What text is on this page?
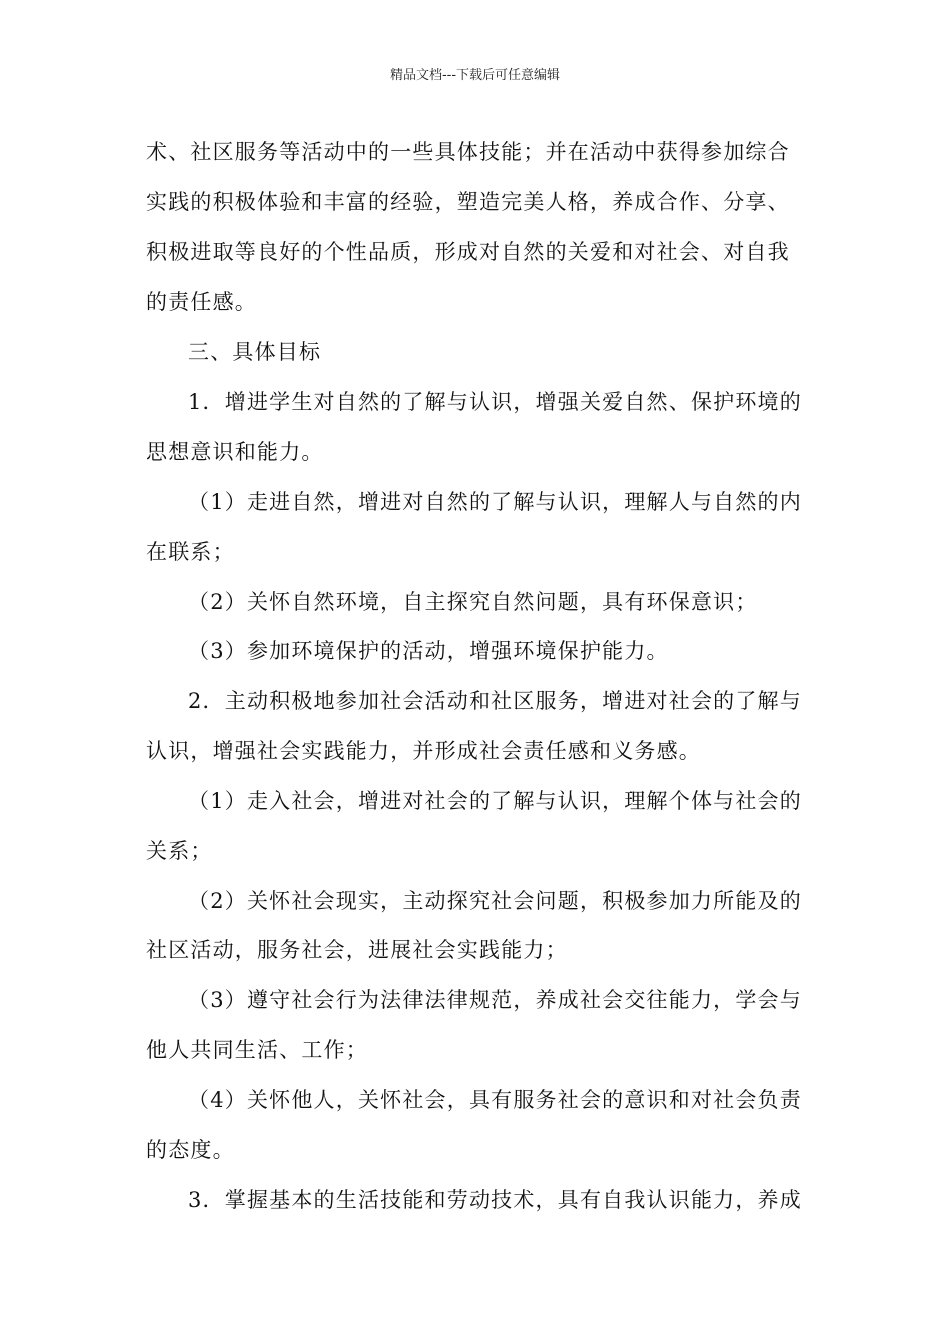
精品文档---下载后可任意编辑
术、社区服务等活动中的一些具体技能；并在活动中获得参加综合
实践的积极体验和丰富的经验，塑造完美人格，养成合作、分享、
积极进取等良好的个性品质，形成对自然的关爱和对社会、对自我
的责任感。
三、具体目标
1．增进学生对自然的了解与认识，增强关爱自然、保护环境的
思想意识和能力。
（1）走进自然，增进对自然的了解与认识，理解人与自然的内
在联系；
（2）关怀自然环境，自主探究自然问题，具有环保意识；
（3）参加环境保护的活动，增强环境保护能力。
2．主动积极地参加社会活动和社区服务，增进对社会的了解与
认识，增强社会实践能力，并形成社会责任感和义务感。
（1）走入社会，增进对社会的了解与认识，理解个体与社会的
关系；
（2）关怀社会现实，主动探究社会问题，积极参加力所能及的
社区活动，服务社会，进展社会实践能力；
（3）遵守社会行为法律法律规范，养成社会交往能力，学会与
他人共同生活、工作；
（4）关怀他人，关怀社会，具有服务社会的意识和对社会负责
的态度。
3．掌握基本的生活技能和劳动技术，具有自我认识能力，养成
